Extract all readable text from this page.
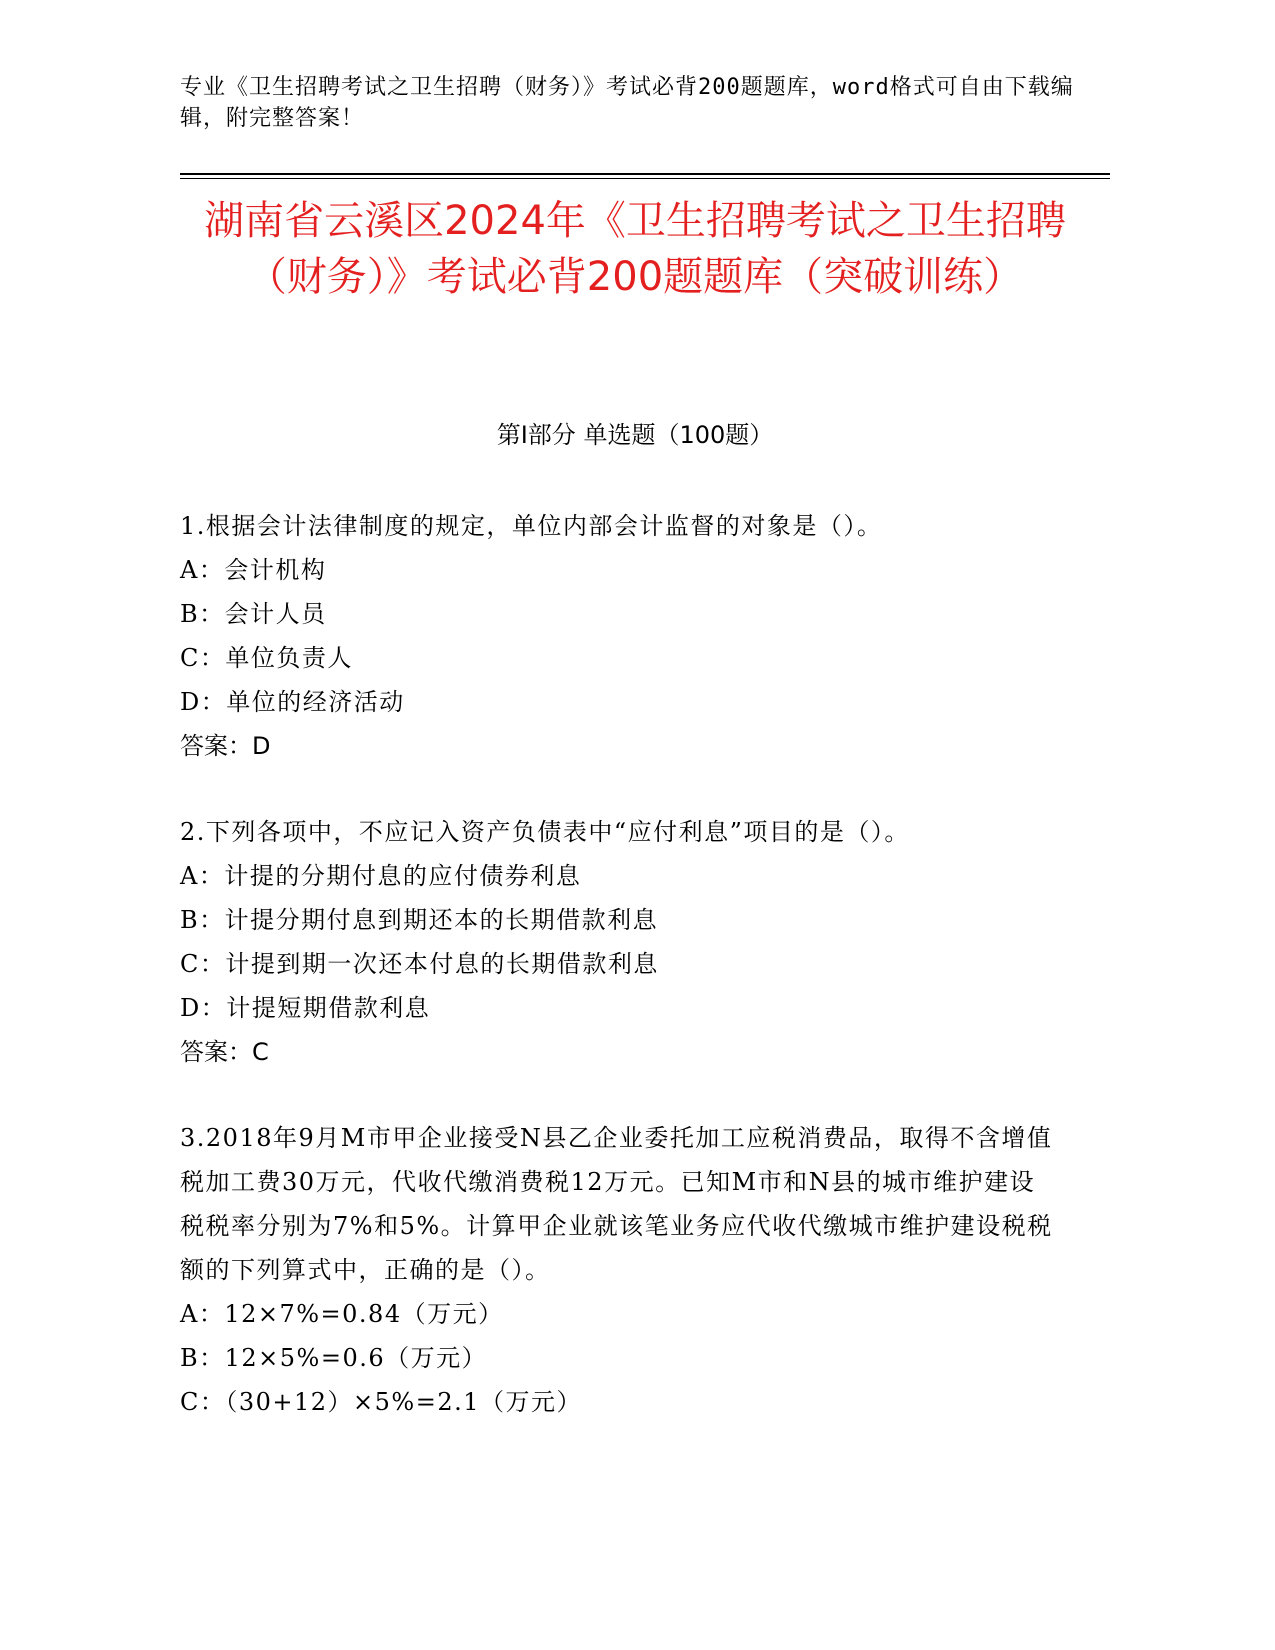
专业《卫生招聘考试之卫生招聘（财务）》考试必背200题题库，word格式可自由下载编辑，附完整答案！
湖南省云溪区2024年《卫生招聘考试之卫生招聘（财务）》考试必背200题题库（突破训练）
第I部分 单选题（100题）

1.根据会计法律制度的规定，单位内部会计监督的对象是（）。

A：会计机构

B：会计人员

C：单位负责人

D：单位的经济活动

答案：D

2.下列各项中，不应记入资产负债表中“应付利息”项目的是（）。

A：计提的分期付息的应付债券利息

B：计提分期付息到期还本的长期借款利息

C：计提到期一次还本付息的长期借款利息

D：计提短期借款利息

答案：C

3.2018年9月M市甲企业接受N县乙企业委托加工应税消费品，取得不含增值税加工费30万元，代收代缴消费税12万元。已知M市和N县的城市维护建设税税率分别为7%和5%。计算甲企业就该笔业务应代收代缴城市维护建设税税额的下列算式中，正确的是（）。

A：12×7%=0.84（万元）

B：12×5%=0.6（万元）

C：（30+12）×5%=2.1（万元）
